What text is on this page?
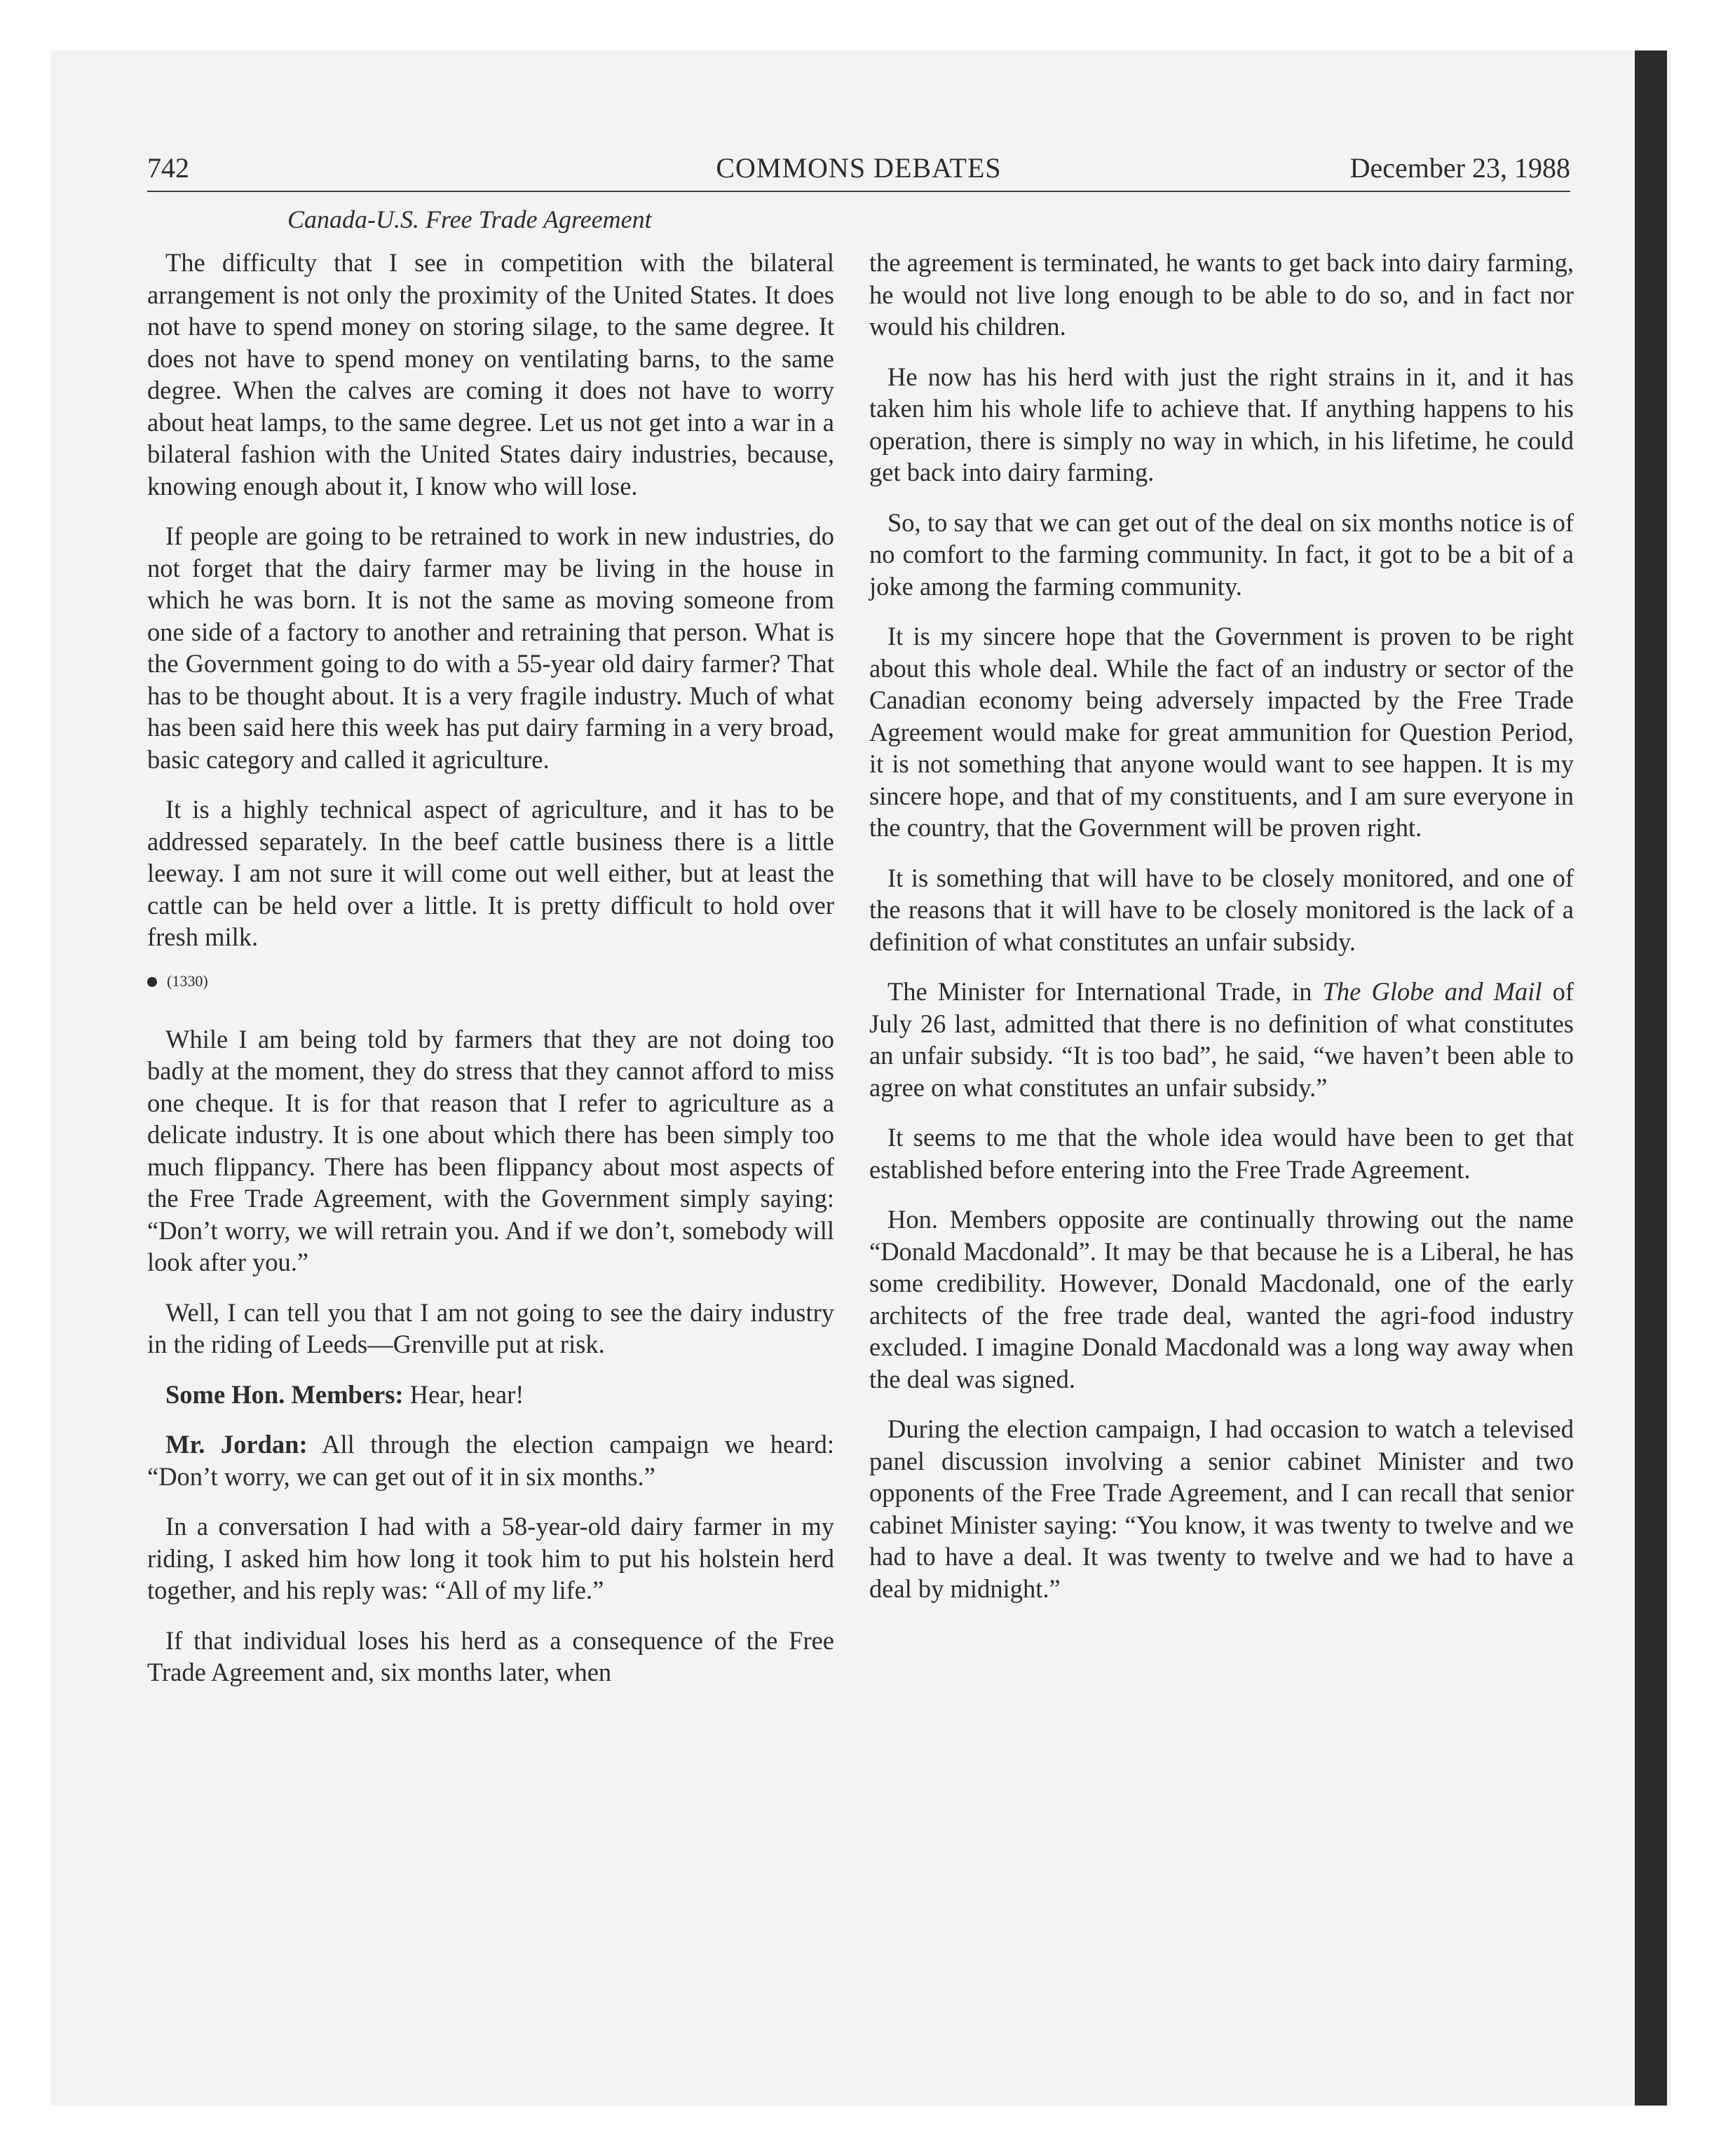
742	COMMONS DEBATES	December 23, 1988
Canada-U.S. Free Trade Agreement

The difficulty that I see in competition with the bilateral arrangement is not only the proximity of the United States. It does not have to spend money on storing silage, to the same degree. It does not have to spend money on ventilating barns, to the same degree. When the calves are coming it does not have to worry about heat lamps, to the same degree. Let us not get into a war in a bilateral fashion with the United States dairy industries, because, knowing enough about it, I know who will lose.

If people are going to be retrained to work in new industries, do not forget that the dairy farmer may be living in the house in which he was born. It is not the same as moving someone from one side of a factory to another and retraining that person. What is the Government going to do with a 55-year old dairy farmer? That has to be thought about. It is a very fragile industry. Much of what has been said here this week has put dairy farming in a very broad, basic category and called it agriculture.

It is a highly technical aspect of agriculture, and it has to be addressed separately. In the beef cattle business there is a little leeway. I am not sure it will come out well either, but at least the cattle can be held over a little. It is pretty difficult to hold over fresh milk.

(1330)

While I am being told by farmers that they are not doing too badly at the moment, they do stress that they cannot afford to miss one cheque. It is for that reason that I refer to agriculture as a delicate industry. It is one about which there has been simply too much flippancy. There has been flippancy about most aspects of the Free Trade Agreement, with the Government simply saying: “Don’t worry, we will retrain you. And if we don’t, somebody will look after you.”

Well, I can tell you that I am not going to see the dairy industry in the riding of Leeds—Grenville put at risk.

Some Hon. Members: Hear, hear!

Mr. Jordan: All through the election campaign we heard: “Don’t worry, we can get out of it in six months.”

In a conversation I had with a 58-year-old dairy farmer in my riding, I asked him how long it took him to put his holstein herd together, and his reply was: “All of my life.”

If that individual loses his herd as a consequence of the Free Trade Agreement and, six months later, when

the agreement is terminated, he wants to get back into dairy farming, he would not live long enough to be able to do so, and in fact nor would his children.

He now has his herd with just the right strains in it, and it has taken him his whole life to achieve that. If anything happens to his operation, there is simply no way in which, in his lifetime, he could get back into dairy farming.

So, to say that we can get out of the deal on six months notice is of no comfort to the farming community. In fact, it got to be a bit of a joke among the farming community.

It is my sincere hope that the Government is proven to be right about this whole deal. While the fact of an industry or sector of the Canadian economy being adversely impacted by the Free Trade Agreement would make for great ammunition for Question Period, it is not something that anyone would want to see happen. It is my sincere hope, and that of my constituents, and I am sure everyone in the country, that the Government will be proven right.

It is something that will have to be closely monitored, and one of the reasons that it will have to be closely monitored is the lack of a definition of what constitutes an unfair subsidy.

The Minister for International Trade, in The Globe and Mail of July 26 last, admitted that there is no definition of what constitutes an unfair subsidy. “It is too bad”, he said, “we haven’t been able to agree on what constitutes an unfair subsidy.”

It seems to me that the whole idea would have been to get that established before entering into the Free Trade Agreement.

Hon. Members opposite are continually throwing out the name “Donald Macdonald”. It may be that because he is a Liberal, he has some credibility. However, Donald Macdonald, one of the early architects of the free trade deal, wanted the agri-food industry excluded. I imagine Donald Macdonald was a long way away when the deal was signed.

During the election campaign, I had occasion to watch a televised panel discussion involving a senior cabinet Minister and two opponents of the Free Trade Agreement, and I can recall that senior cabinet Minister saying: “You know, it was twenty to twelve and we had to have a deal. It was twenty to twelve and we had to have a deal by midnight.”
